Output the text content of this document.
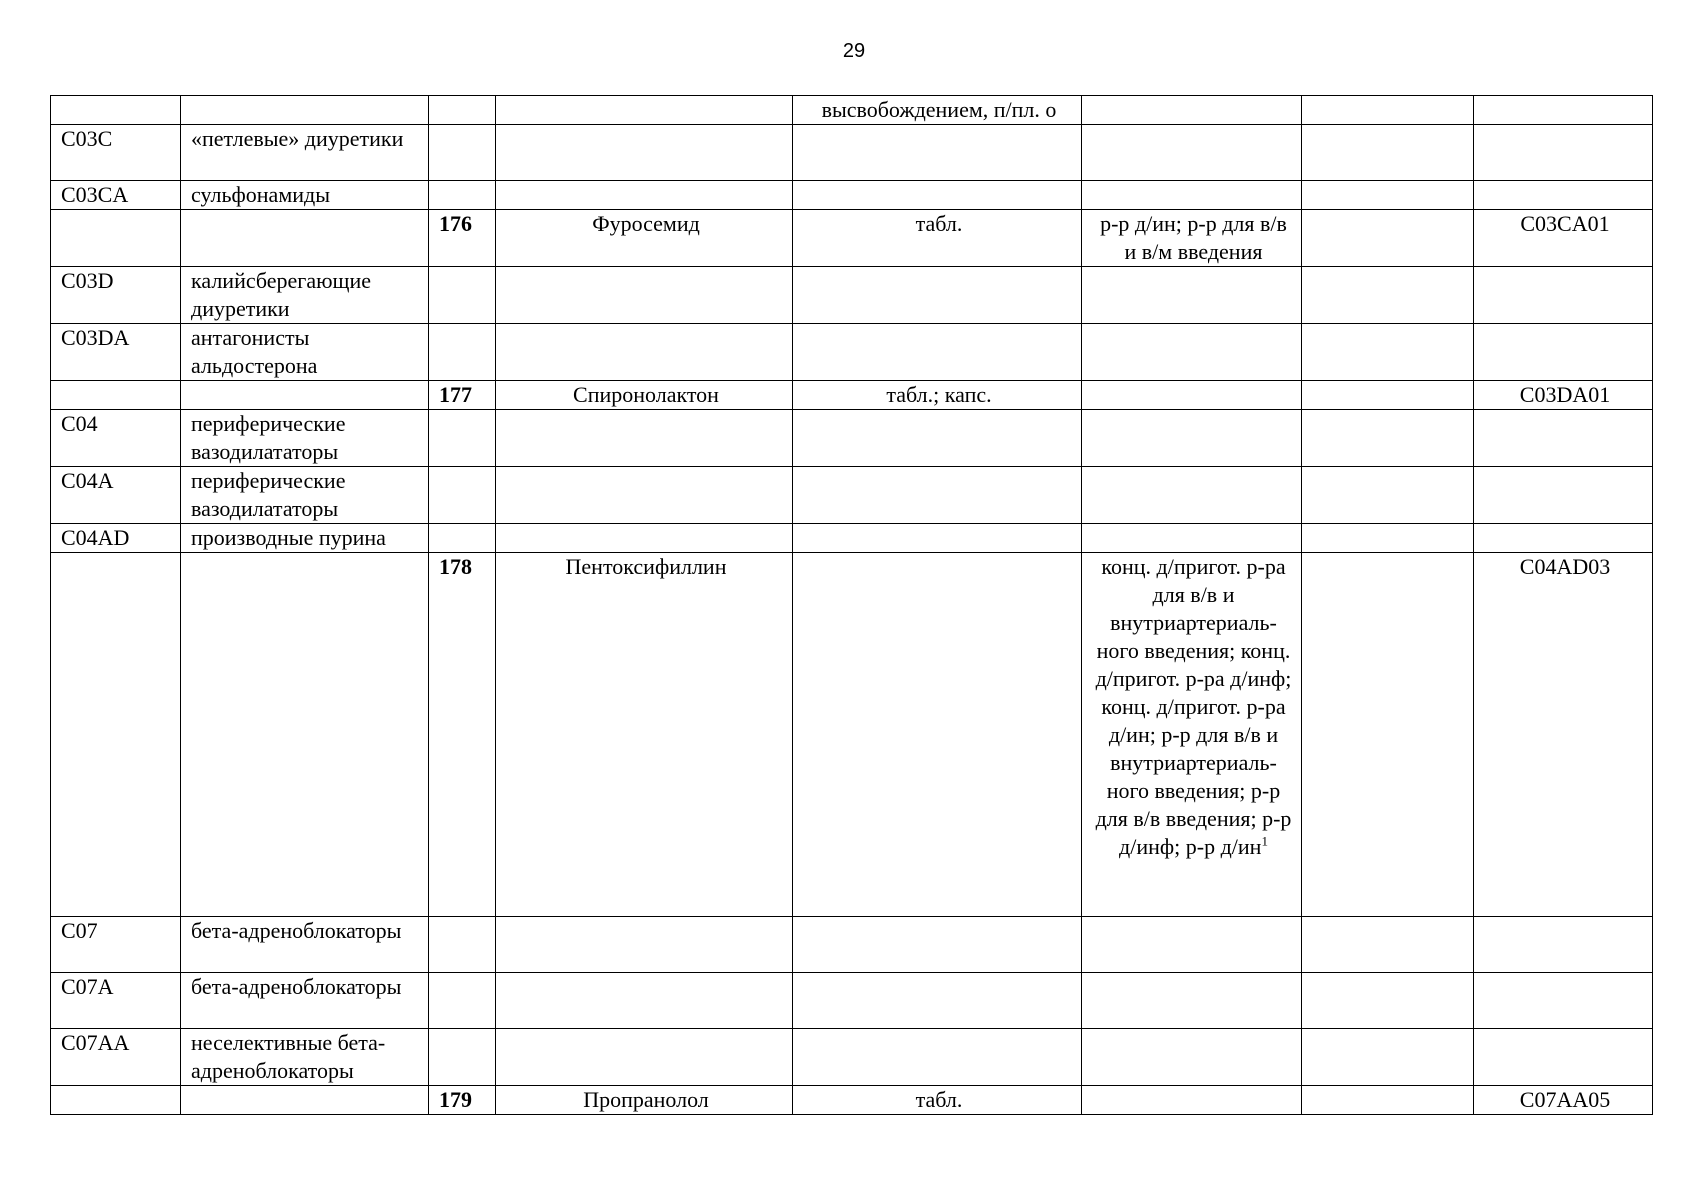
29
				высвобождением, п/пл. о			
C03C	«петлевые» диуретики						
C03CA	сульфонамиды						
		176	Фуросемид	табл.	р-р д/ин; р-р для в/в и в/м введения		C03CA01
C03D	калийсберегающие диуретики						
C03DA	антагонисты альдостерона						
		177	Спиронолактон	табл.; капс.			C03DA01
C04	периферические вазодилататоры						
C04A	периферические вазодилататоры						
C04AD	производные пурина						
		178	Пентоксифиллин		конц. д/пригот. р-ра для в/в и внутриартериаль-ного введения; конц. д/пригот. р-ра д/инф; конц. д/пригот. р-ра д/ин; р-р для в/в и внутриартериаль-ного введения; р-р для в/в введения; р-р д/инф; р-р $д/ин^1$		C04AD03
C07	бета-адреноблокаторы						
C07A	бета-адреноблокаторы						
C07AA	неселективные бета-адреноблокаторы						
		179	Пропранолол	табл.			C07AA05
